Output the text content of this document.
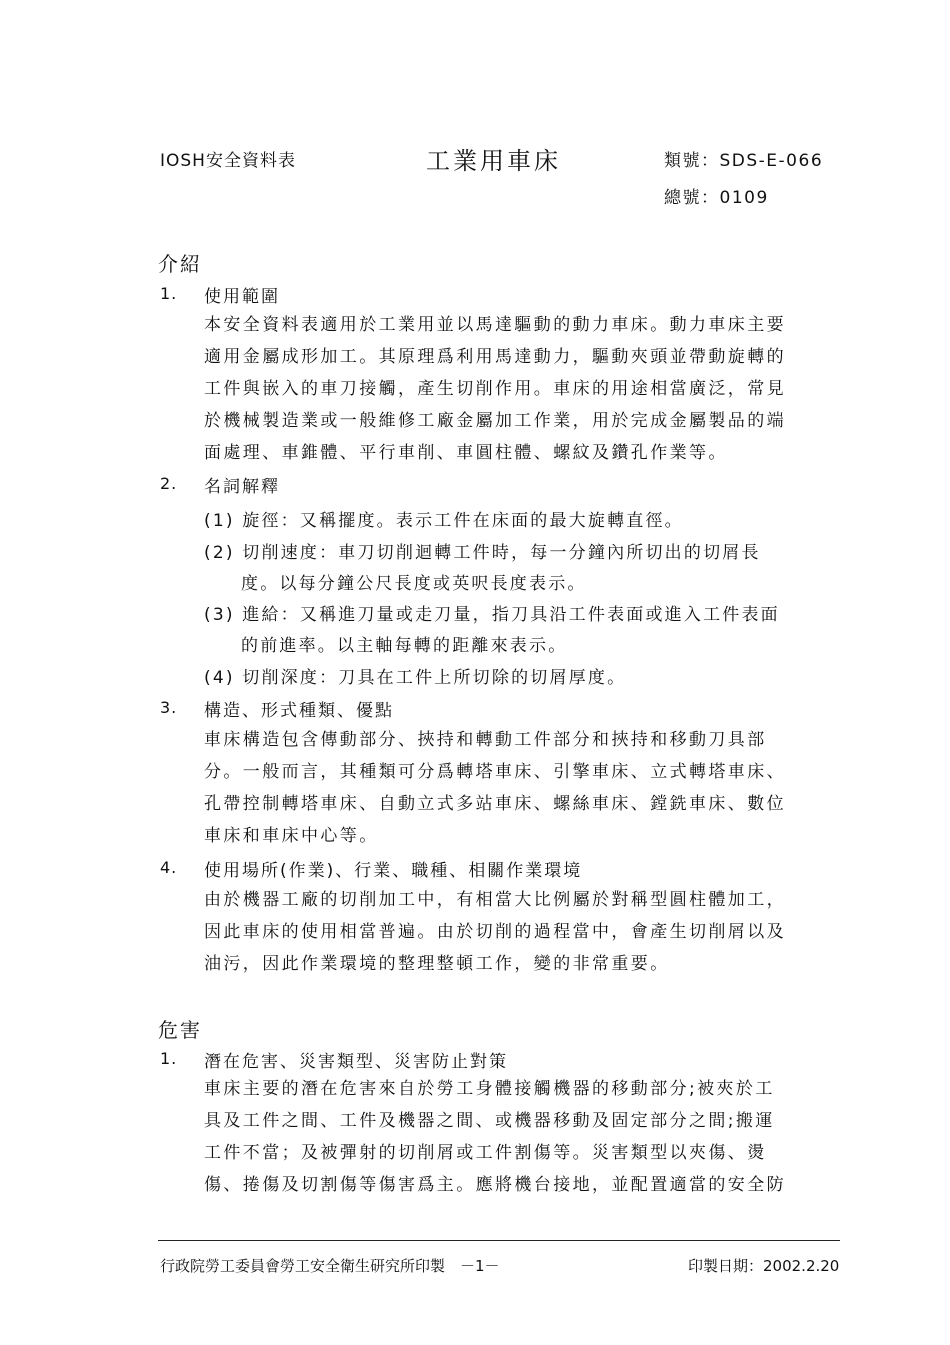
IOSH安全資料表	工業用車床	類號：SDS-E-066
總號：0109
介紹
1. 使用範圍
本安全資料表適用於工業用並以馬達驅動的動力車床。動力車床主要
適用金屬成形加工。其原理爲利用馬達動力，驅動夾頭並帶動旋轉的
工件與嵌入的車刀接觸，產生切削作用。車床的用途相當廣泛，常見
於機械製造業或一般維修工廠金屬加工作業，用於完成金屬製品的端
面處理、車錐體、平行車削、車圓柱體、螺紋及鑽孔作業等。
2. 名詞解釋
(1) 旋徑：又稱擺度。表示工件在床面的最大旋轉直徑。
(2) 切削速度：車刀切削迴轉工件時，每一分鐘內所切出的切屑長
度。以每分鐘公尺長度或英呎長度表示。
(3) 進給：又稱進刀量或走刀量，指刀具沿工件表面或進入工件表面
的前進率。以主軸每轉的距離來表示。
(4) 切削深度：刀具在工件上所切除的切屑厚度。
3. 構造、形式種類、優點
車床構造包含傳動部分、挾持和轉動工件部分和挾持和移動刀具部
分。一般而言，其種類可分爲轉塔車床、引擎車床、立式轉塔車床、
孔帶控制轉塔車床、自動立式多站車床、螺絲車床、鏜銑車床、數位
車床和車床中心等。
4. 使用場所(作業)、行業、職種、相關作業環境
由於機器工廠的切削加工中，有相當大比例屬於對稱型圓柱體加工，
因此車床的使用相當普遍。由於切削的過程當中，會產生切削屑以及
油污，因此作業環境的整理整頓工作，變的非常重要。
危害
1. 潛在危害、災害類型、災害防止對策
車床主要的潛在危害來自於勞工身體接觸機器的移動部分;被夾於工
具及工件之間、工件及機器之間、或機器移動及固定部分之間;搬運
工件不當；及被彈射的切削屑或工件割傷等。災害類型以夾傷、燙
傷、捲傷及切割傷等傷害爲主。應將機台接地，並配置適當的安全防
行政院勞工委員會勞工安全衛生研究所印製　－1－	印製日期：2002.2.20
